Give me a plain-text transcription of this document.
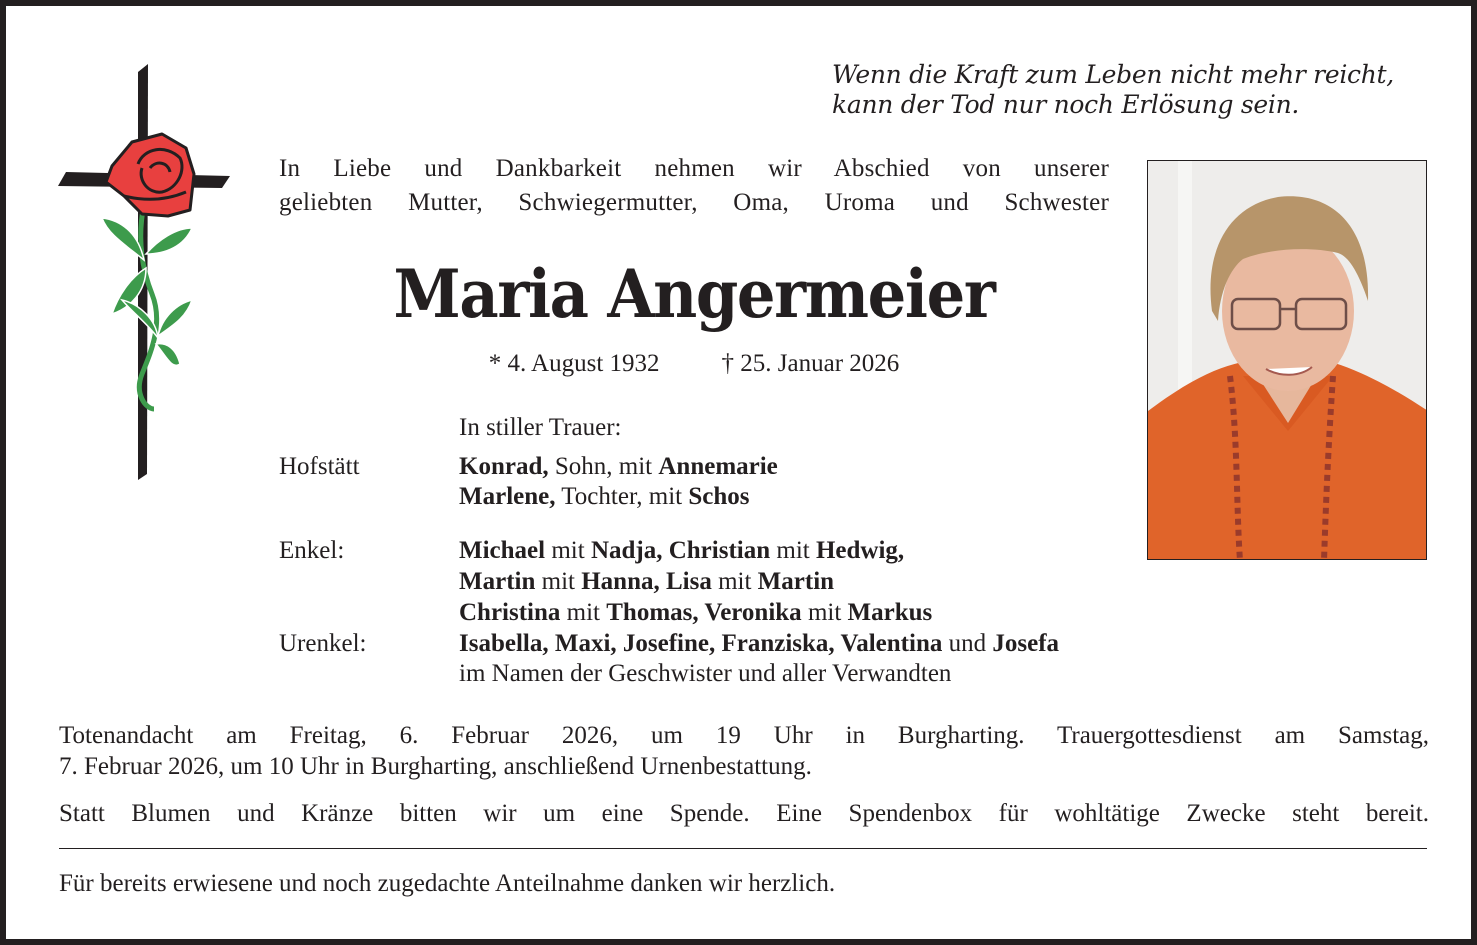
Wenn die Kraft zum Leben nicht mehr reicht,
kann der Tod nur noch Erlösung sein.
In Liebe und Dankbarkeit nehmen wir Abschied von unserer
geliebten Mutter, Schwiegermutter, Oma, Uroma und Schwester
Maria Angermeier
* 4. August 1932 † 25. Januar 2026
In stiller Trauer:
Hofstätt	Konrad, Sohn, mit Annemarie
Marlene, Tochter, mit Schos
Enkel:	Michael mit Nadja, Christian mit Hedwig,
Martin mit Hanna, Lisa mit Martin
Christina mit Thomas, Veronika mit Markus
Urenkel:	Isabella, Maxi, Josefine, Franziska, Valentina und Josefa
im Namen der Geschwister und aller Verwandten
Totenandacht am Freitag, 6. Februar 2026, um 19 Uhr in Burgharting. Trauergottesdienst am Samstag,
7. Februar 2026, um 10 Uhr in Burgharting, anschließend Urnenbestattung.
Statt Blumen und Kränze bitten wir um eine Spende. Eine Spendenbox für wohltätige Zwecke steht bereit.
Für bereits erwiesene und noch zugedachte Anteilnahme danken wir herzlich.
